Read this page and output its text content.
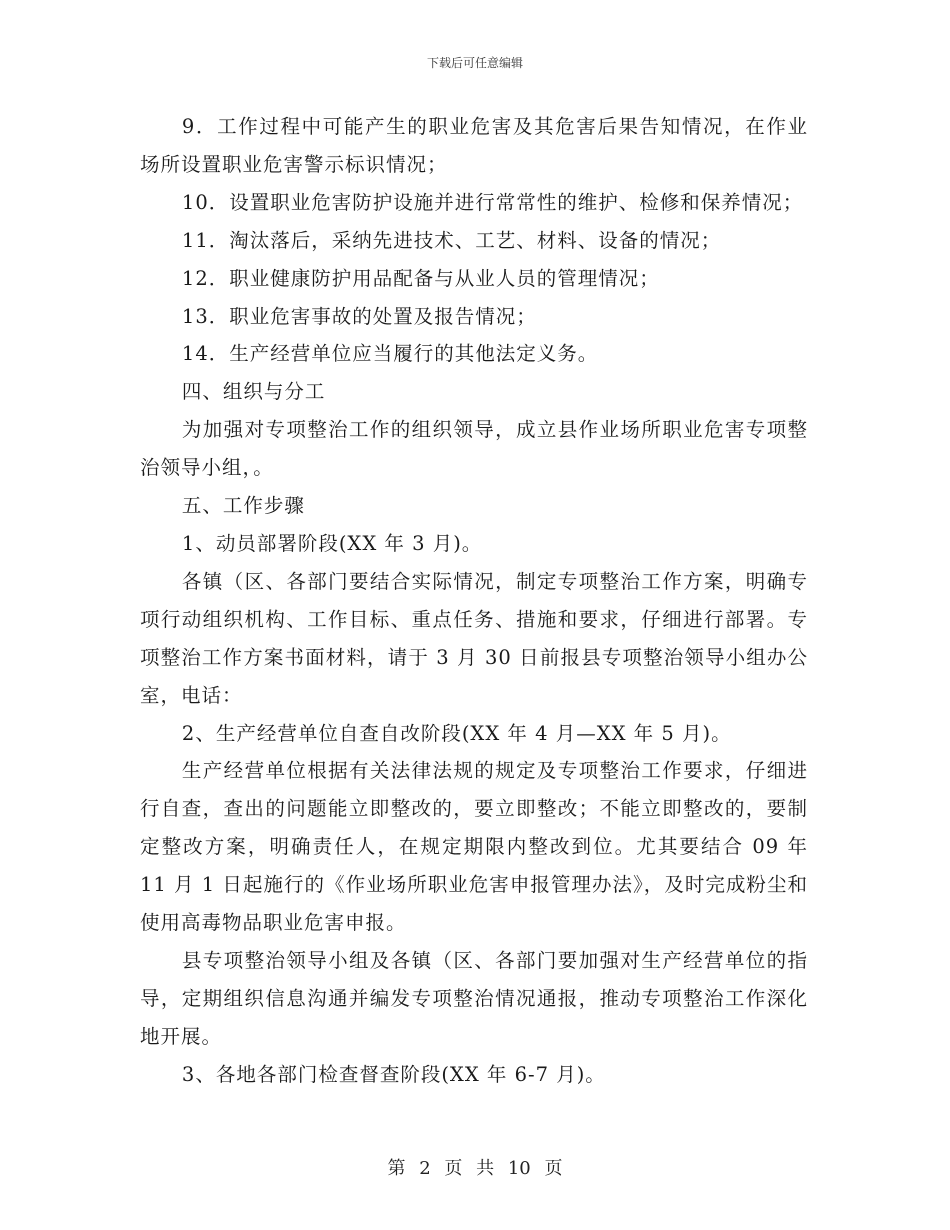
下载后可任意编辑

9．工作过程中可能产生的职业危害及其危害后果告知情况，在作业场所设置职业危害警示标识情况；

10．设置职业危害防护设施并进行常常性的维护、检修和保养情况；

11．淘汰落后，采纳先进技术、工艺、材料、设备的情况；

12．职业健康防护用品配备与从业人员的管理情况；

13．职业危害事故的处置及报告情况；

14．生产经营单位应当履行的其他法定义务。

四、组织与分工

为加强对专项整治工作的组织领导，成立县作业场所职业危害专项整治领导小组，。

五、工作步骤

1、动员部署阶段(XX 年 3 月)。

各镇（区、各部门要结合实际情况，制定专项整治工作方案，明确专项行动组织机构、工作目标、重点任务、措施和要求，仔细进行部署。专项整治工作方案书面材料，请于 3 月 30 日前报县专项整治领导小组办公室，电话：

2、生产经营单位自查自改阶段(XX 年 4 月—XX 年 5 月)。

生产经营单位根据有关法律法规的规定及专项整治工作要求，仔细进行自查，查出的问题能立即整改的，要立即整改；不能立即整改的，要制定整改方案，明确责任人，在规定期限内整改到位。尤其要结合 09 年 11 月 1 日起施行的《作业场所职业危害申报管理办法》，及时完成粉尘和使用高毒物品职业危害申报。

县专项整治领导小组及各镇（区、各部门要加强对生产经营单位的指导，定期组织信息沟通并编发专项整治情况通报，推动专项整治工作深化地开展。

3、各地各部门检查督查阶段(XX 年 6-7 月)。

第 2 页 共 10 页
